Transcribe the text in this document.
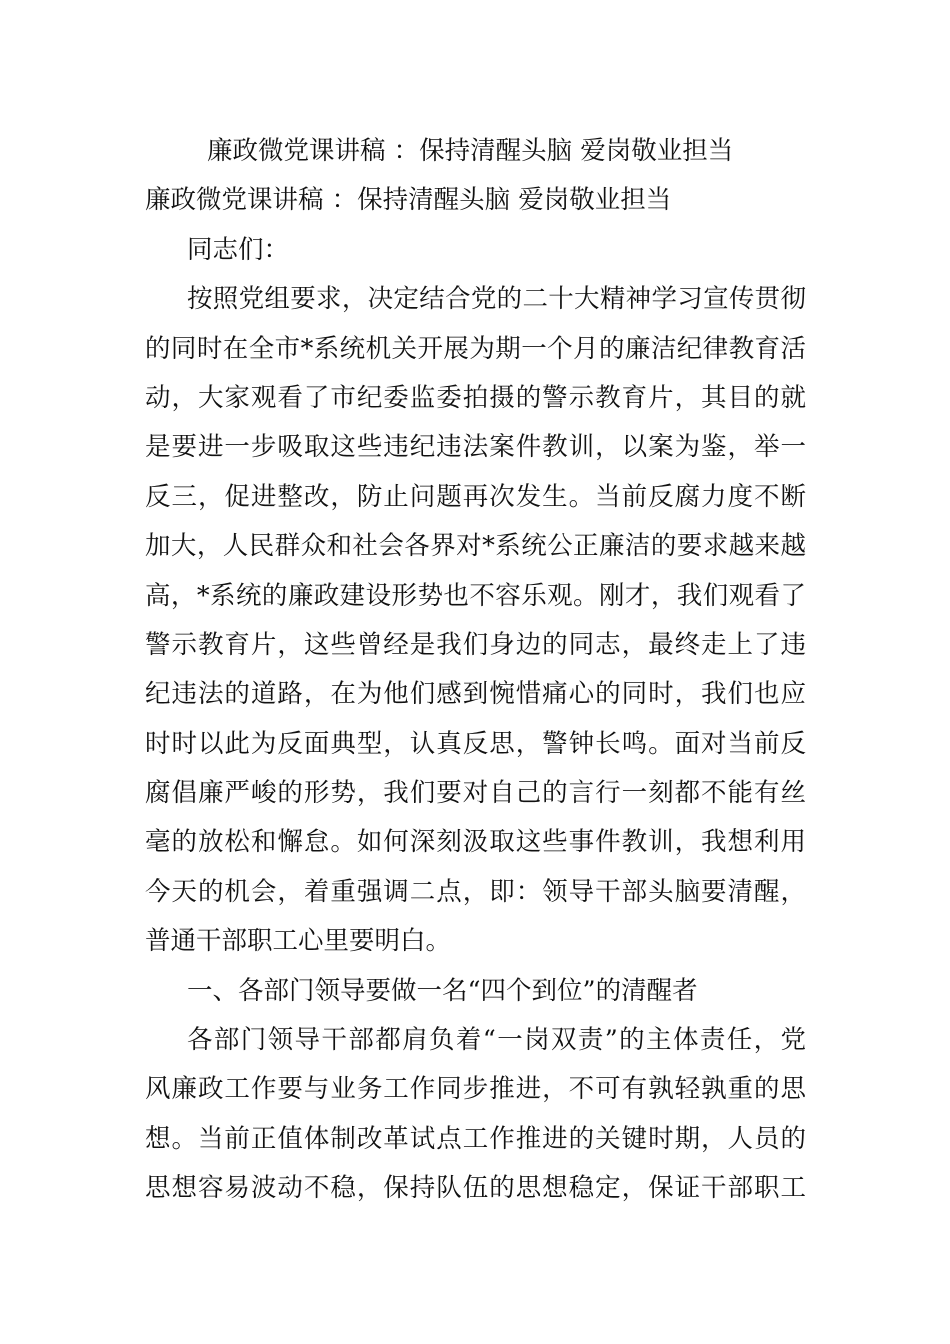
廉政微党课讲稿 ：保持清醒头脑 爱岗敬业担当
廉政微党课讲稿 ：保持清醒头脑 爱岗敬业担当
同志们：
按照党组要求，决定结合党的二十大精神学习宣传贯彻
的同时在全市*系统机关开展为期一个月的廉洁纪律教育活
动，大家观看了市纪委监委拍摄的警示教育片，其目的就
是要进一步吸取这些违纪违法案件教训，以案为鉴，举一
反三，促进整改，防止问题再次发生。当前反腐力度不断
加大，人民群众和社会各界对*系统公正廉洁的要求越来越
高，*系统的廉政建设形势也不容乐观。刚才，我们观看了
警示教育片，这些曾经是我们身边的同志，最终走上了违
纪违法的道路，在为他们感到惋惜痛心的同时，我们也应
时时以此为反面典型，认真反思，警钟长鸣。面对当前反
腐倡廉严峻的形势，我们要对自己的言行一刻都不能有丝
毫的放松和懈怠。如何深刻汲取这些事件教训，我想利用
今天的机会，着重强调二点，即：领导干部头脑要清醒，
普通干部职工心里要明白。
一、各部门领导要做一名“四个到位”的清醒者
各部门领导干部都肩负着“一岗双责”的主体责任，党
风廉政工作要与业务工作同步推进，不可有孰轻孰重的思
想。当前正值体制改革试点工作推进的关键时期，人员的
思想容易波动不稳，保持队伍的思想稳定，保证干部职工
